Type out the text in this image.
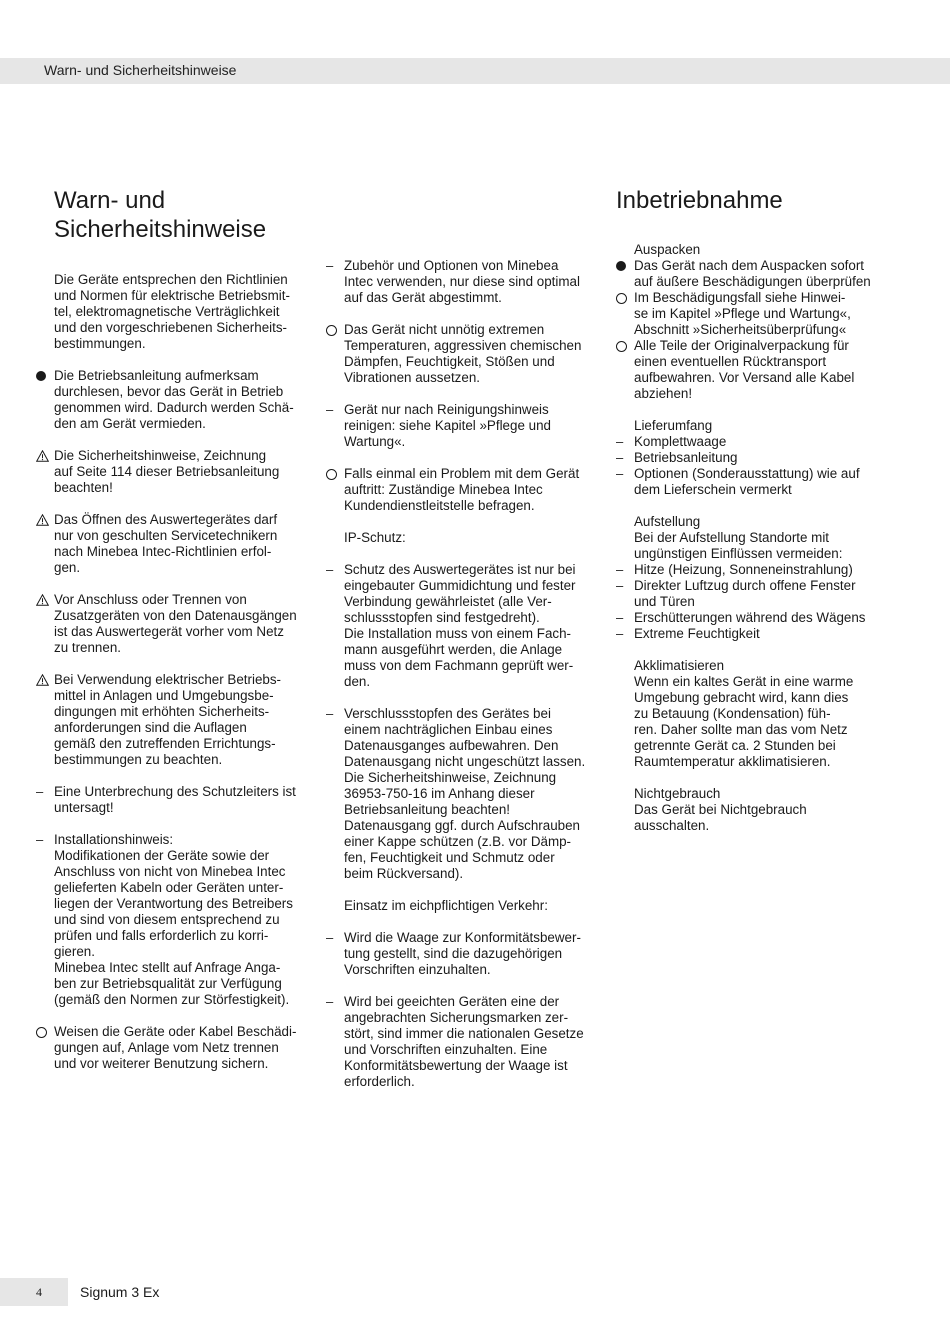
Warn- und Sicherheitshinweise
Warn- und
Sicherheitshinweise
Die Geräte entsprechen den Richtlinien
und Normen für elektrische Betriebsmit-
tel, elektromagnetische Verträglichkeit
und den vorgeschriebenen Sicherheits-
bestimmungen.
Die Betriebsanleitung aufmerksam
durchlesen, bevor das Gerät in Betrieb
genommen wird. Dadurch werden Schä-
den am Gerät vermieden.
Die Sicherheitshinweise, Zeichnung
auf Seite 114 dieser Betriebsanleitung
beachten!
Das Öffnen des Auswertegerätes darf
nur von geschulten Servicetechnikern
nach Minebea Intec-Richtlinien erfol-
gen.
Vor Anschluss oder Trennen von
Zusatzgeräten von den Datenausgängen
ist das Auswertegerät vorher vom Netz
zu trennen.
Bei Verwendung elektrischer Betriebs-
mittel in Anlagen und Umgebungsbe-
dingungen mit erhöhten Sicherheits-
anforderungen sind die Auflagen
gemäß den zutreffenden Errichtungs-
bestimmungen zu beachten.
–
Eine Unterbrechung des Schutzleiters ist
untersagt!
–
Installationshinweis:
Modifikationen der Geräte sowie der
Anschluss von nicht von Minebea Intec
gelieferten Kabeln oder Geräten unter-
liegen der Verantwortung des Betreibers
und sind von diesem entsprechend zu
prüfen und falls erforderlich zu korri-
gieren.
Minebea Intec stellt auf Anfrage Anga-
ben zur Betriebsqualität zur Verfügung
(gemäß den Normen zur Störfestigkeit).
Weisen die Geräte oder Kabel Beschädi-
gungen auf, Anlage vom Netz trennen
und vor weiterer Benutzung sichern.
–
Zubehör und Optionen von Minebea
Intec verwenden, nur diese sind optimal
auf das Gerät abgestimmt.
Das Gerät nicht unnötig extremen
Temperaturen, aggressiven chemischen
Dämpfen, Feuchtigkeit, Stößen und
Vibrationen aussetzen.
–
Gerät nur nach Reinigungshinweis
reinigen: siehe Kapitel »Pflege und
Wartung«.
Falls einmal ein Problem mit dem Gerät
auftritt: Zuständige Minebea Intec
Kundendienstleitstelle befragen.
IP-Schutz:
–
Schutz des Auswertegerätes ist nur bei
eingebauter Gummidichtung und fester
Verbindung gewährleistet (alle Ver-
schlussstopfen sind festgedreht).
Die Installation muss von einem Fach-
mann ausgeführt werden, die Anlage
muss von dem Fachmann geprüft wer-
den.
–
Verschlussstopfen des Gerätes bei
einem nachträglichen Einbau eines
Datenausganges aufbewahren. Den
Datenausgang nicht ungeschützt lassen.
Die Sicherheitshinweise, Zeichnung
36953-750-16 im Anhang dieser
Betriebsanleitung beachten!
Datenausgang ggf. durch Aufschrauben
einer Kappe schützen (z.B. vor Dämp-
fen, Feuchtigkeit und Schmutz oder
beim Rückversand).
Einsatz im eichpflichtigen Verkehr:
–
Wird die Waage zur Konformitätsbewer-
tung gestellt, sind die dazugehörigen
Vorschriften einzuhalten.
–
Wird bei geeichten Geräten eine der
angebrachten Sicherungsmarken zer-
stört, sind immer die nationalen Gesetze
und Vorschriften einzuhalten. Eine
Konformitätsbewertung der Waage ist
erforderlich.
Inbetriebnahme
Auspacken
Das Gerät nach dem Auspacken sofort
auf äußere Beschädigungen überprüfen
Im Beschädigungsfall siehe Hinwei-
se im Kapitel »Pflege und Wartung«,
Abschnitt »Sicherheitsüberprüfung«
Alle Teile der Originalverpackung für
einen eventuellen Rücktransport
aufbewahren. Vor Versand alle Kabel
abziehen!
Lieferumfang
–
Komplettwaage
–
Betriebsanleitung
–
Optionen (Sonderausstattung) wie auf
dem Lieferschein vermerkt
Aufstellung
Bei der Aufstellung Standorte mit
ungünstigen Einflüssen vermeiden:
–
Hitze (Heizung, Sonneneinstrahlung)
–
Direkter Luftzug durch offene Fenster
und Türen
–
Erschütterungen während des Wägens
–
Extreme Feuchtigkeit
Akklimatisieren
Wenn ein kaltes Gerät in eine warme
Umgebung gebracht wird, kann dies
zu Betauung (Kondensation) füh-
ren. Daher sollte man das vom Netz
getrennte Gerät ca. 2 Stunden bei
Raumtemperatur akklimatisieren.
Nichtgebrauch
Das Gerät bei Nichtgebrauch
ausschalten.
4	Signum 3 Ex
